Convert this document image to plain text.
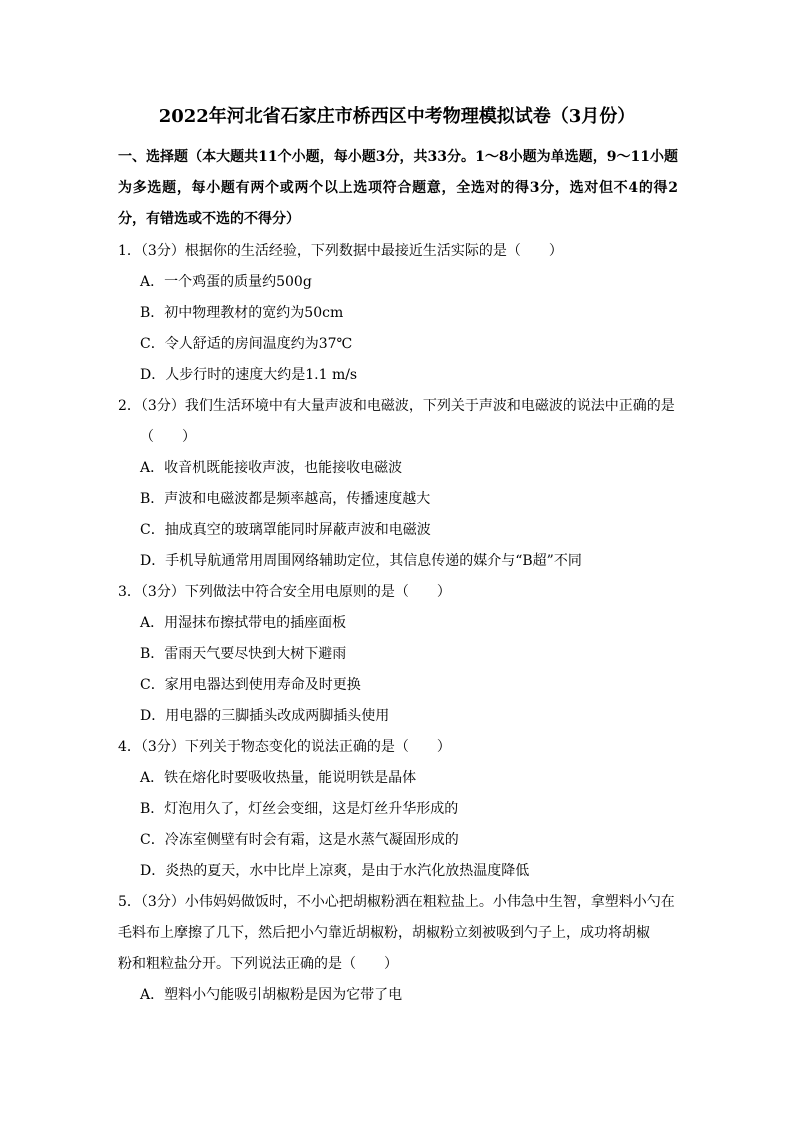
2022年河北省石家庄市桥西区中考物理模拟试卷（3月份）
一、选择题（本大题共11个小题，每小题3分，共33分。1～8小题为单选题，9～11小题为多选题，每小题有两个或两个以上选项符合题意，全选对的得3分，选对但不4的得2分，有错选或不选的不得分）
1．（3分）根据你的生活经验，下列数据中最接近生活实际的是（　　）
A．一个鸡蛋的质量约500g
B．初中物理教材的宽约为50cm
C．令人舒适的房间温度约为37℃
D．人步行时的速度大约是1.1 m/s
2．（3分）我们生活环境中有大量声波和电磁波，下列关于声波和电磁波的说法中正确的是
（　　）
A．收音机既能接收声波，也能接收电磁波
B．声波和电磁波都是频率越高，传播速度越大
C．抽成真空的玻璃罩能同时屏蔽声波和电磁波
D．手机导航通常用周围网络辅助定位，其信息传递的媒介与“B超”不同
3．（3分）下列做法中符合安全用电原则的是（　　）
A．用湿抹布擦拭带电的插座面板
B．雷雨天气要尽快到大树下避雨
C．家用电器达到使用寿命及时更换
D．用电器的三脚插头改成两脚插头使用
4．（3分）下列关于物态变化的说法正确的是（　　）
A．铁在熔化时要吸收热量，能说明铁是晶体
B．灯泡用久了，灯丝会变细，这是灯丝升华形成的
C．冷冻室侧壁有时会有霜，这是水蒸气凝固形成的
D．炎热的夏天，水中比岸上凉爽，是由于水汽化放热温度降低
5．（3分）小伟妈妈做饭时，不小心把胡椒粉洒在粗粒盐上。小伟急中生智，拿塑料小勺在
毛料布上摩擦了几下，然后把小勺靠近胡椒粉，胡椒粉立刻被吸到勺子上，成功将胡椒
粉和粗粒盐分开。下列说法正确的是（　　）
A．塑料小勺能吸引胡椒粉是因为它带了电
